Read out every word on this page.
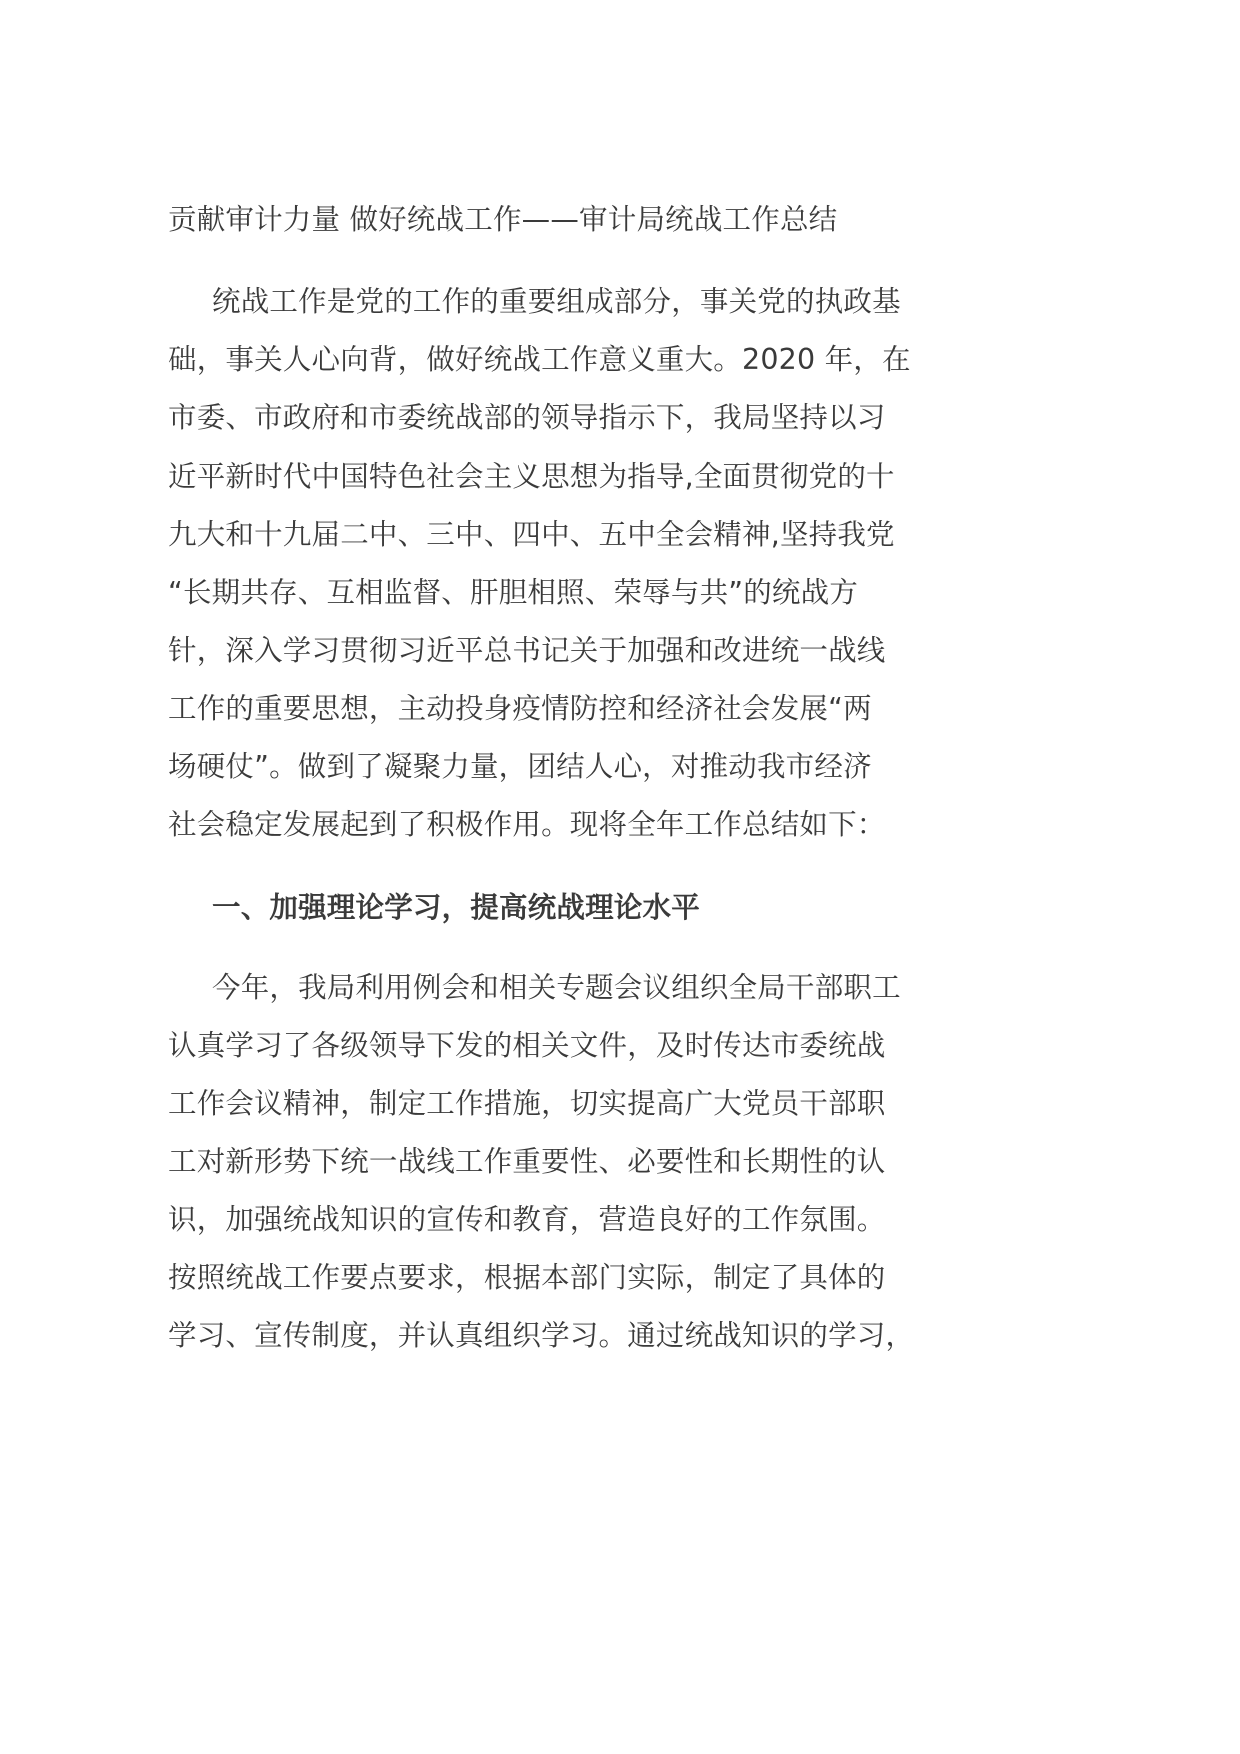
贡献审计力量 做好统战工作——审计局统战工作总结
统战工作是党的工作的重要组成部分，事关党的执政基
础，事关人心向背，做好统战工作意义重大。2020 年，在
市委、市政府和市委统战部的领导指示下，我局坚持以习
近平新时代中国特色社会主义思想为指导,全面贯彻党的十
九大和十九届二中、三中、四中、五中全会精神,坚持我党
“长期共存、互相监督、肝胆相照、荣辱与共”的统战方
针，深入学习贯彻习近平总书记关于加强和改进统一战线
工作的重要思想，主动投身疫情防控和经济社会发展“两
场硬仗”。做到了凝聚力量，团结人心，对推动我市经济
社会稳定发展起到了积极作用。现将全年工作总结如下：
一、加强理论学习，提高统战理论水平
今年，我局利用例会和相关专题会议组织全局干部职工
认真学习了各级领导下发的相关文件，及时传达市委统战
工作会议精神，制定工作措施，切实提高广大党员干部职
工对新形势下统一战线工作重要性、必要性和长期性的认
识，加强统战知识的宣传和教育，营造良好的工作氛围。
按照统战工作要点要求，根据本部门实际，制定了具体的
学习、宣传制度，并认真组织学习。通过统战知识的学习，
